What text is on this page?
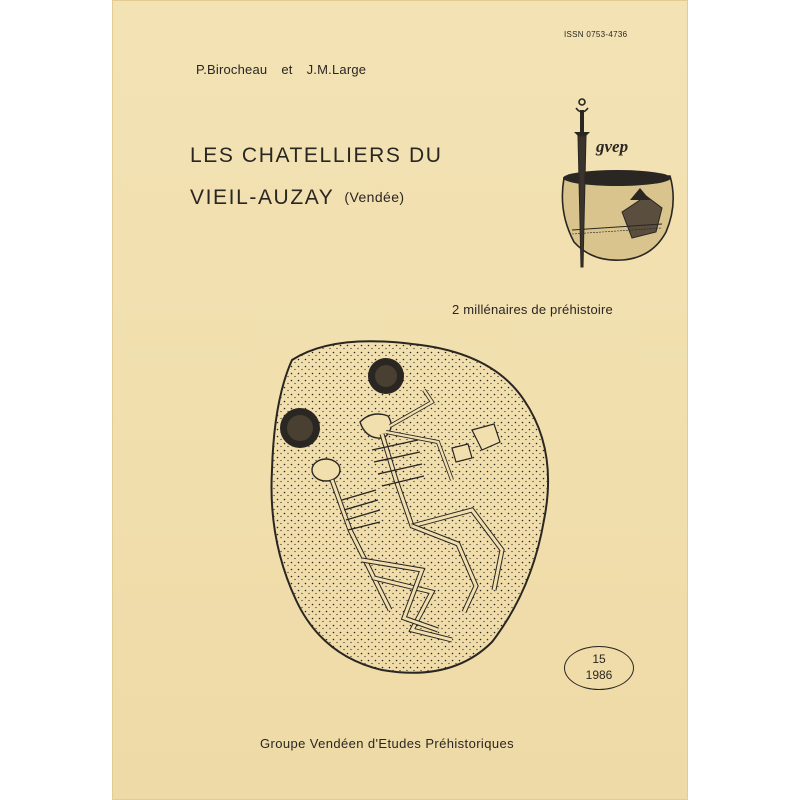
ISSN 0753-4736
P.Birocheau et J.M.Large
LES CHATELLIERS DU
VIEIL-AUZAY (Vendée)
gvep
2 millénaires de préhistoire
15
1986
Groupe Vendéen d'Etudes Préhistoriques
